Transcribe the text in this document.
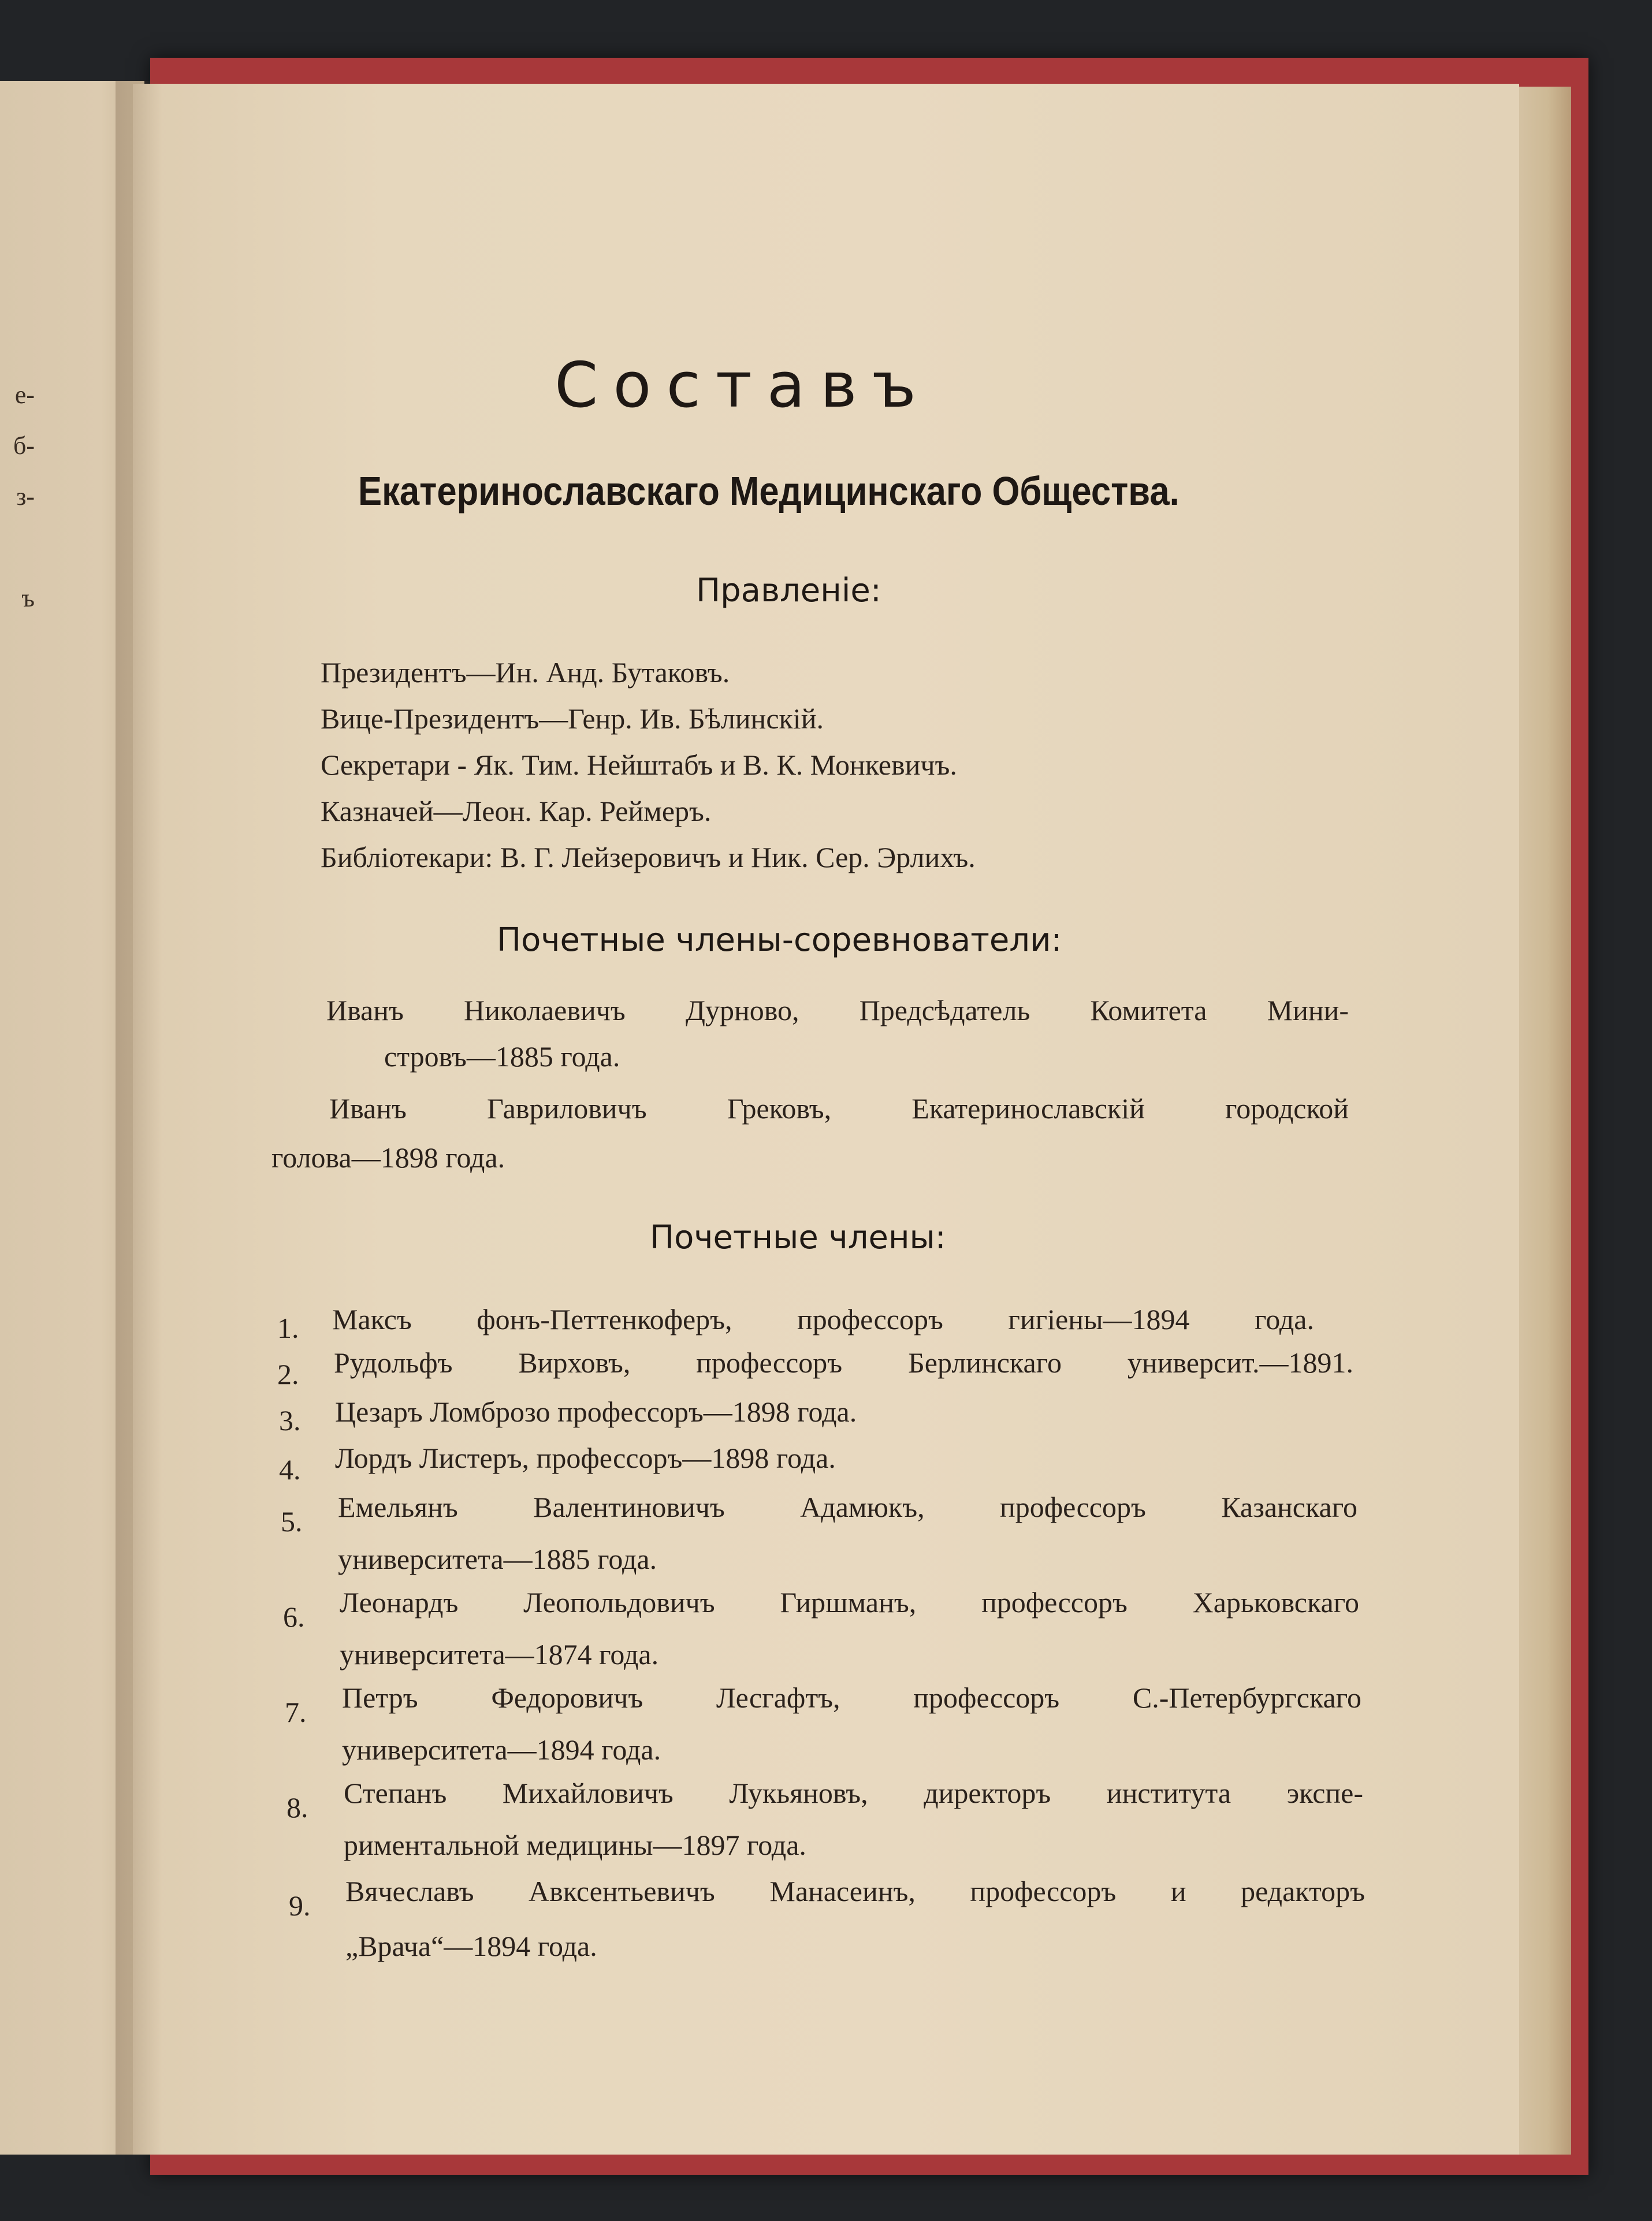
е-
б-
з-
ъ
Составъ
Екатеринославскаго Медицинскаго Общества.
Правленіе:
Президентъ—Ин. Анд. Бутаковъ.
Вице-Президентъ—Генр. Ив. Бѣлинскій.
Секретари - Як. Тим. Нейштабъ и В. К. Монкевичъ.
Казначей—Леон. Кар. Реймеръ.
Библіотекари: В. Г. Лейзеровичъ и Ник. Сер. Эрлихъ.
Почетные члены-соревнователи:
Иванъ Николаевичъ Дурново, Предсѣдатель Комитета Мини-
стровъ—1885 года.
Иванъ Гавриловичъ Грековъ, Екатеринославскій городской
голова—1898 года.
Почетные члены:
1. Максъ фонъ-Петтенкоферъ, профессоръ гигіены—1894 года.
2. Рудольфъ Вирховъ, профессоръ Берлинскаго университ.—1891.
3. Цезаръ Ломброзо профессоръ—1898 года.
4. Лордъ Листеръ, профессоръ—1898 года.
5. Емельянъ Валентиновичъ Адамюкъ, профессоръ Казанскаго
университета—1885 года.
6. Леонардъ Леопольдовичъ Гиршманъ, профессоръ Харьковскаго
университета—1874 года.
7. Петръ Федоровичъ Лесгафтъ, профессоръ С.-Петербургскаго
университета—1894 года.
8. Степанъ Михайловичъ Лукьяновъ, директоръ института экспе-
риментальной медицины—1897 года.
9. Вячеславъ Авксентьевичъ Манасеинъ, профессоръ и редакторъ
„Врача“—1894 года.
